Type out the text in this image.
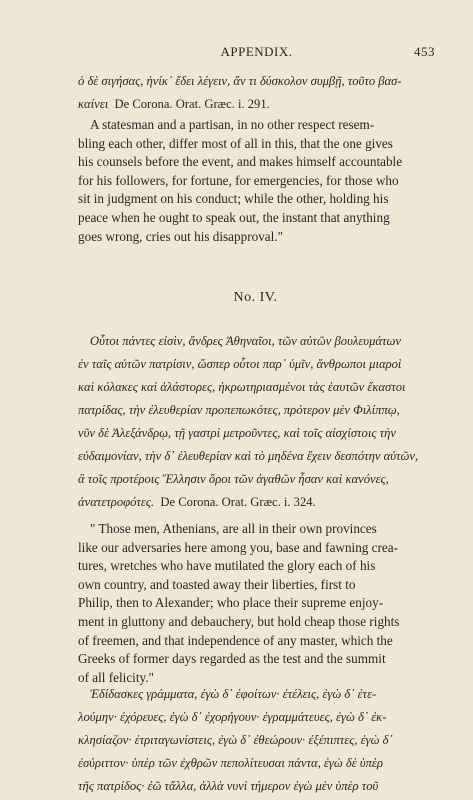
APPENDIX.	453
ὁ δὲ σιγήσας, ἡνίκ᾽ ἔδει λέγειν, ἄν τι δύσκολον συμβῇ, τοῦτο βασ-
καίνει De Corona. Orat. Græc. i. 291.
A statesman and a partisan, in no other respect resem-
bling each other, differ most of all in this, that the one gives
his counsels before the event, and makes himself accountable
for his followers, for fortune, for emergencies, for those who
sit in judgment on his conduct; while the other, holding his
peace when he ought to speak out, the instant that anything
goes wrong, cries out his disapproval."
No. IV.
Οὗτοι πάντες εἰσὶν, ἄνδρες Ἀθηναῖοι, τῶν αὐτῶν βουλευμάτων
ἐν ταῖς αὐτῶν πατρίσιν, ὥσπερ οὗτοι παρ᾽ ὑμῖν, ἄνθρωποι μιαροὶ
καὶ κόλακες καὶ ἀλάστορες, ἠκρωτηριασμένοι τὰς ἑαυτῶν ἕκαστοι
πατρίδας, τὴν ἐλευθερίαν προπεπωκότες, πρότερον μὲν Φιλίππῳ,
νῦν δὲ Ἀλεξάνδρῳ, τῇ γαστρὶ μετροῦντες, καὶ τοῖς αἰσχίστοις τὴν
εὐδαιμονίαν, τὴν δ᾽ ἐλευθερίαν καὶ τὸ μηδένα ἔχειν δεσπότην αὐτῶν,
ἃ τοῖς προτέροις Ἕλλησιν ὅροι τῶν ἀγαθῶν ἦσαν καὶ κανόνες,
ἀνατετροφότες. De Corona. Orat. Græc. i. 324.
" Those men, Athenians, are all in their own provinces
like our adversaries here among you, base and fawning crea-
tures, wretches who have mutilated the glory each of his
own country, and toasted away their liberties, first to
Philip, then to Alexander; who place their supreme enjoy-
ment in gluttony and debauchery, but hold cheap those rights
of freemen, and that independence of any master, which the
Greeks of former days regarded as the test and the summit
of all felicity."
Ἐδίδασκες γράμματα, ἐγὼ δ᾽ ἐφοίτων· ἐτέλεις, ἐγὼ δ᾽ ἐτε-
λούμην· ἐχόρευες, ἐγὼ δ᾽ ἐχορήγουν· ἐγραμμάτευες, ἐγὼ δ᾽ ἐκ-
κλησίαζον· ἐτριταγωνίστεις, ἐγὼ δ᾽ ἐθεώρουν· ἐξέπιπτες, ἐγὼ δ᾽
ἐσύριττον· ὑπὲρ τῶν ἐχθρῶν πεπολίτευσαι πάντα, ἐγὼ δὲ ὑπὲρ
τῆς πατρίδος· ἐῶ τἄλλα, ἀλλὰ νυνὶ τήμερον ἐγὼ μὲν ὑπὲρ τοῦ
